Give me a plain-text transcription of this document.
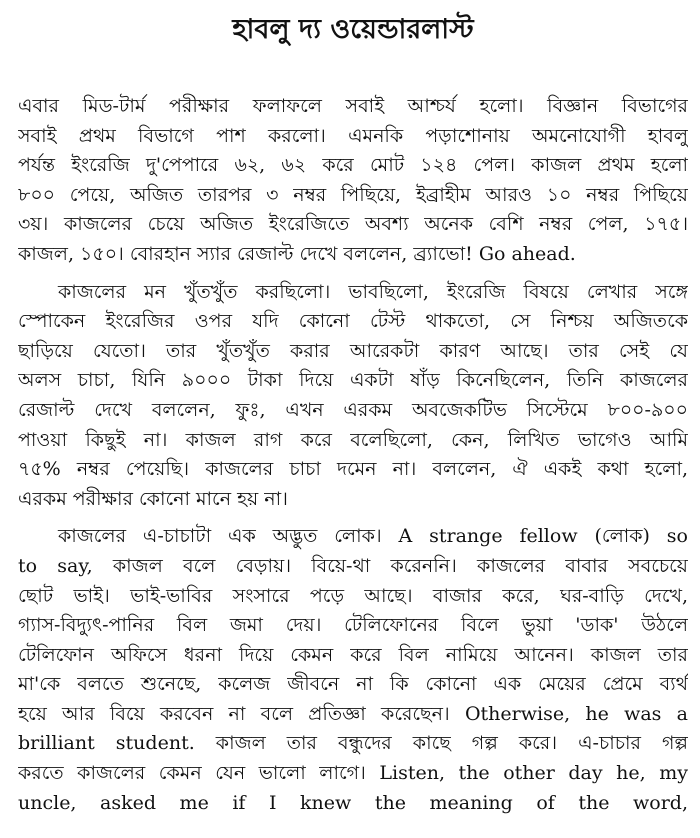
হাবলু দ্য ওয়েন্ডারলাস্ট

এবার মিড-টার্ম পরীক্ষার ফলাফলে সবাই আশ্চর্য হলো। বিজ্ঞান বিভাগের
সবাই প্রথম বিভাগে পাশ করলো। এমনকি পড়াশোনায় অমনোযোগী হাবলু
পর্যন্ত ইংরেজি দু'পেপারে ৬২, ৬২ করে মোট ১২৪ পেল। কাজল প্রথম হলো
৮০০ পেয়ে, অজিত তারপর ৩ নম্বর পিছিয়ে, ইব্রাহীম আরও ১০ নম্বর পিছিয়ে
৩য়। কাজলের চেয়ে অজিত ইংরেজিতে অবশ্য অনেক বেশি নম্বর পেল, ১৭৫।
কাজল, ১৫০। বোরহান স্যার রেজাল্ট দেখে বললেন, ব্র্যাভো! Go ahead.

কাজলের মন খুঁতখুঁত করছিলো। ভাবছিলো, ইংরেজি বিষয়ে লেখার সঙ্গে
স্পোকেন ইংরেজির ওপর যদি কোনো টেস্ট থাকতো, সে নিশ্চয় অজিতকে
ছাড়িয়ে যেতো। তার খুঁতখুঁত করার আরেকটা কারণ আছে। তার সেই যে
অলস চাচা, যিনি ৯০০০ টাকা দিয়ে একটা ষাঁড় কিনেছিলেন, তিনি কাজলের
রেজাল্ট দেখে বললেন, ফুঃ, এখন এরকম অবজেকটিভ সিস্টেমে ৮০০-৯০০
পাওয়া কিছুই না। কাজল রাগ করে বলেছিলো, কেন, লিখিত ভাগেও আমি
৭৫% নম্বর পেয়েছি। কাজলের চাচা দমেন না। বললেন, ঐ একই কথা হলো,
এরকম পরীক্ষার কোনো মানে হয় না।

কাজলের এ-চাচাটা এক অদ্ভুত লোক। A strange fellow (লোক) so
to say, কাজল বলে বেড়ায়। বিয়ে-থা করেননি। কাজলের বাবার সবচেয়ে
ছোট ভাই। ভাই-ভাবির সংসারে পড়ে আছে। বাজার করে, ঘর-বাড়ি দেখে,
গ্যাস-বিদ্যুৎ-পানির বিল জমা দেয়। টেলিফোনের বিলে ভুয়া 'ডাক' উঠলে
টেলিফোন অফিসে ধরনা দিয়ে কেমন করে বিল নামিয়ে আনেন। কাজল তার
মা'কে বলতে শুনেছে, কলেজ জীবনে না কি কোনো এক মেয়ের প্রেমে ব্যর্থ
হয়ে আর বিয়ে করবেন না বলে প্রতিজ্ঞা করেছেন। Otherwise, he was a
brilliant student. কাজল তার বন্ধুদের কাছে গল্প করে। এ-চাচার গল্প
করতে কাজলের কেমন যেন ভালো লাগে। Listen, the other day he, my
uncle, asked me if I knew the meaning of the word,
